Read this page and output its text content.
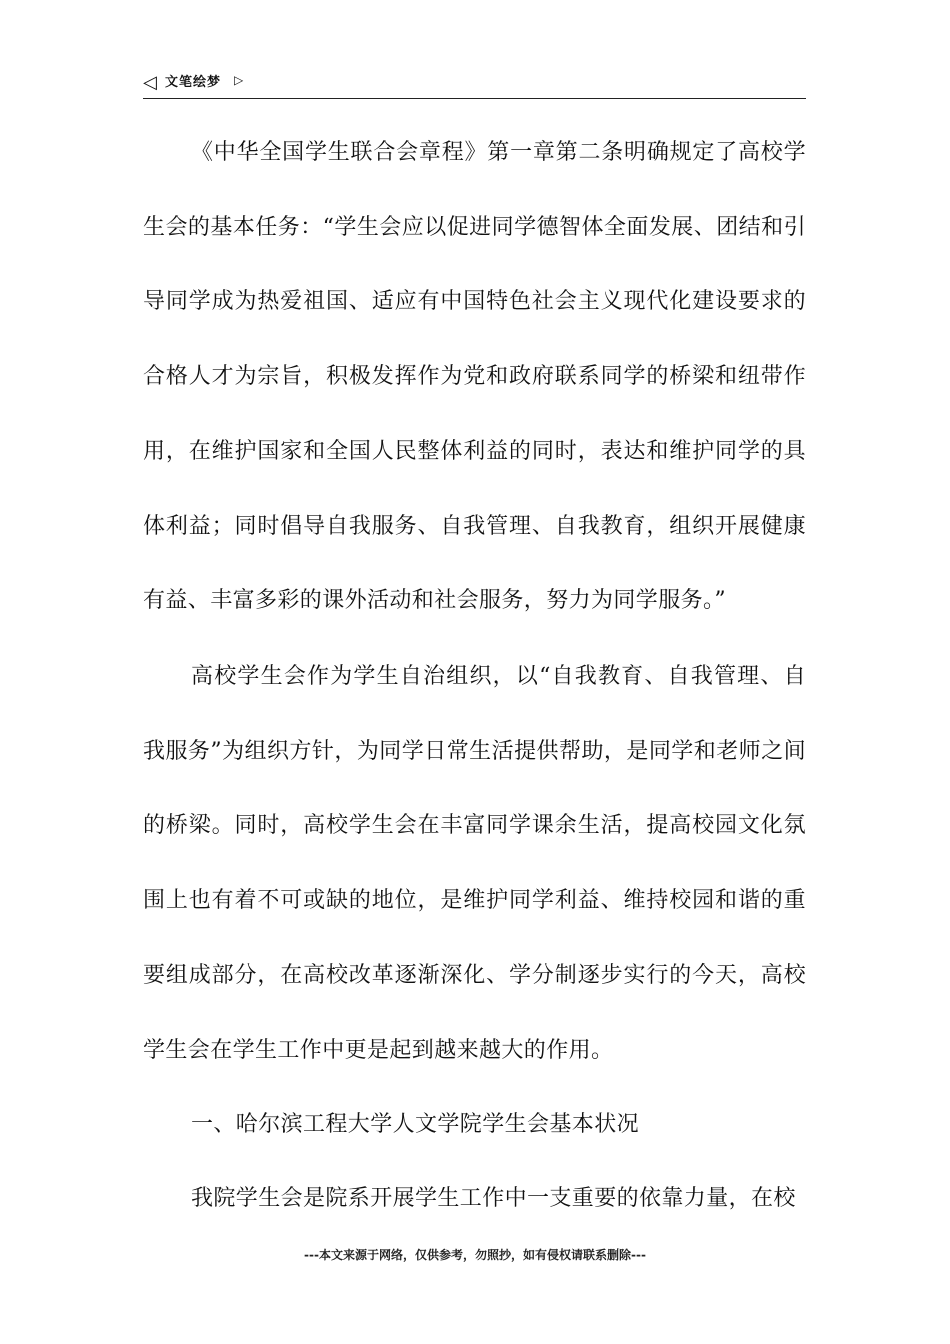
◁ 文笔绘梦 ▷

《中华全国学生联合会章程》第一章第二条明确规定了高校学生会的基本任务：“学生会应以促进同学德智体全面发展、团结和引导同学成为热爱祖国、适应有中国特色社会主义现代化建设要求的合格人才为宗旨，积极发挥作为党和政府联系同学的桥梁和纽带作用，在维护国家和全国人民整体利益的同时，表达和维护同学的具体利益；同时倡导自我服务、自我管理、自我教育，组织开展健康有益、丰富多彩的课外活动和社会服务，努力为同学服务。”

高校学生会作为学生自治组织，以“自我教育、自我管理、自我服务”为组织方针，为同学日常生活提供帮助，是同学和老师之间的桥梁。同时，高校学生会在丰富同学课余生活，提高校园文化氛围上也有着不可或缺的地位，是维护同学利益、维持校园和谐的重要组成部分，在高校改革逐渐深化、学分制逐步实行的今天，高校学生会在学生工作中更是起到越来越大的作用。

一、哈尔滨工程大学人文学院学生会基本状况

我院学生会是院系开展学生工作中一支重要的依靠力量，在校

---本文来源于网络，仅供参考，勿照抄，如有侵权请联系删除---
